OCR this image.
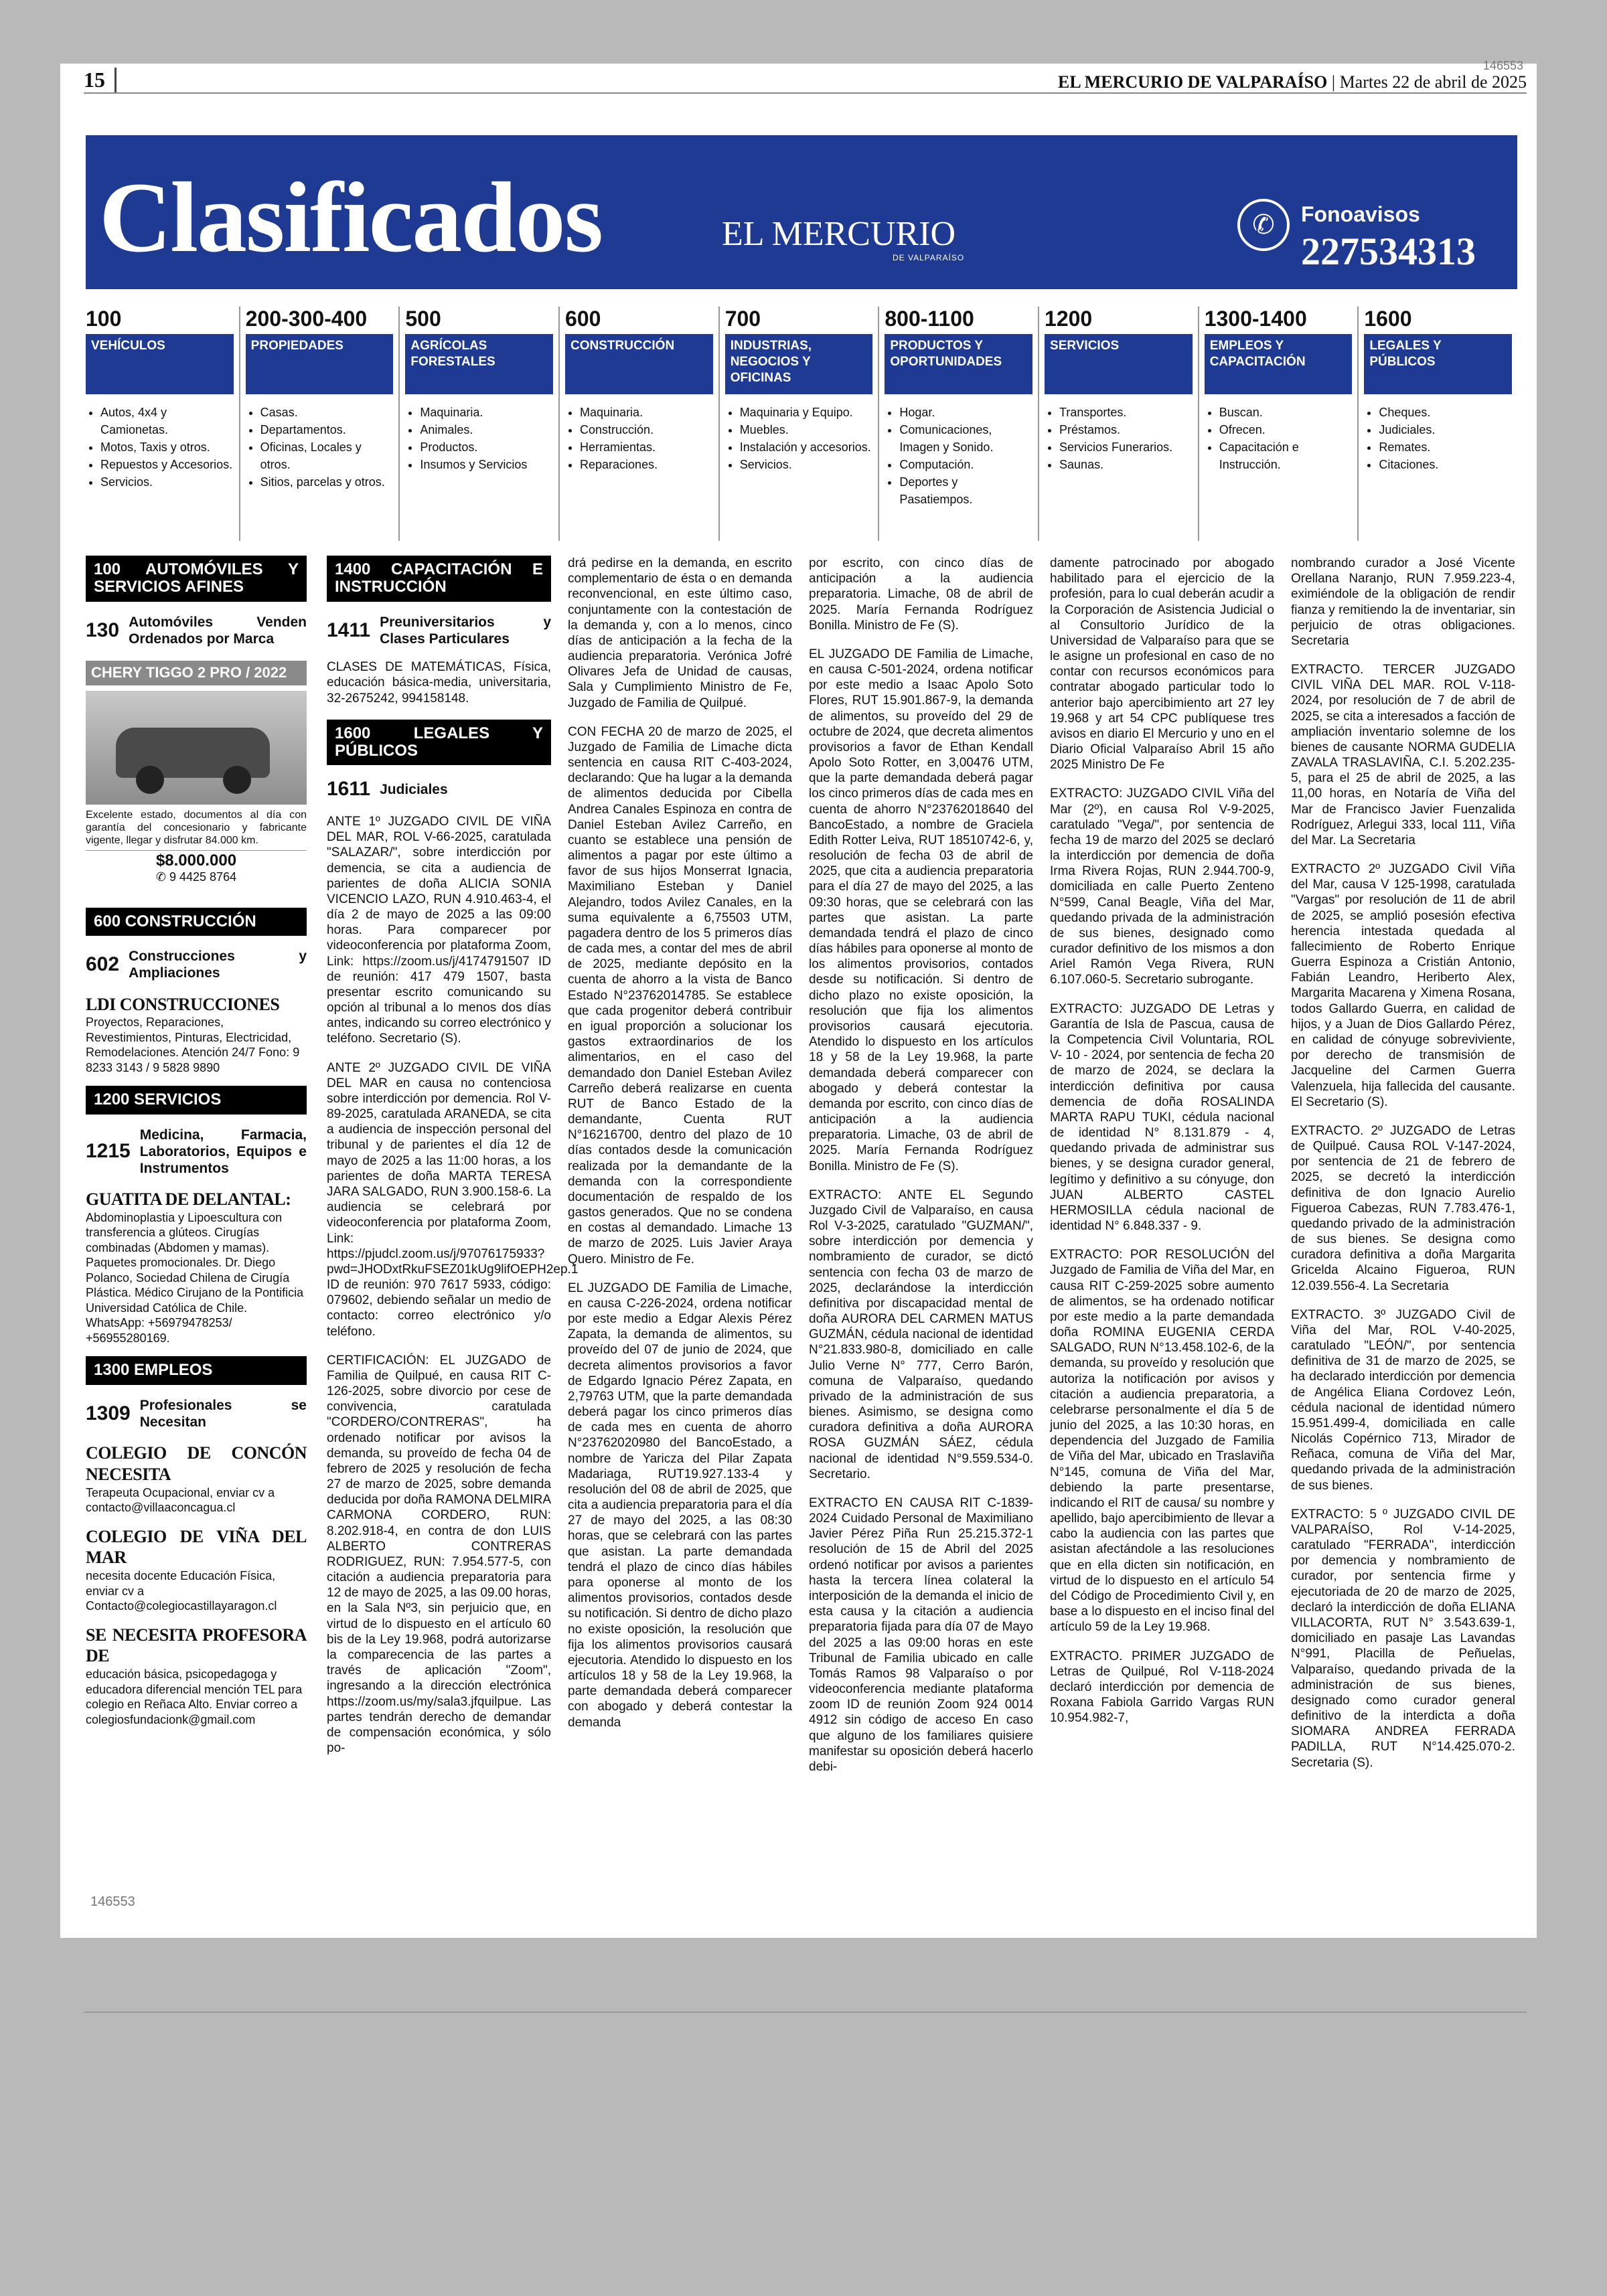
146553
15	EL MERCURIO DE VALPARAÍSO | Martes 22 de abril de 2025
Clasificados	EL MERCURIO
DE VALPARAÍSO
✆	Fonoavisos
227534313
100
VEHÍCULOS
• Autos, 4x4 y Camionetas.
• Motos, Taxis y otros.
• Repuestos y Accesorios.
• Servicios.
200-300-400
PROPIEDADES
• Casas.
• Departamentos.
• Oficinas, Locales y otros.
• Sitios, parcelas y otros.
500
AGRÍCOLAS FORESTALES
• Maquinaria.
• Animales.
• Productos.
• Insumos y Servicios
600
CONSTRUCCIÓN
• Maquinaria.
• Construcción.
• Herramientas.
• Reparaciones.
700
INDUSTRIAS, NEGOCIOS Y OFICINAS
• Maquinaria y Equipo.
• Muebles.
• Instalación y accesorios.
• Servicios.
800-1100
PRODUCTOS Y OPORTUNIDADES
• Hogar.
• Comunicaciones, Imagen y Sonido.
• Computación.
• Deportes y Pasatiempos.
1200
SERVICIOS
• Transportes.
• Préstamos.
• Servicios Funerarios.
• Saunas.
1300-1400
EMPLEOS Y CAPACITACIÓN
• Buscan.
• Ofrecen.
• Capacitación e Instrucción.
1600
LEGALES Y PÚBLICOS
• Cheques.
• Judiciales.
• Remates.
• Citaciones.
100 AUTOMÓVILES Y SERVICIOS AFINES
130 Automóviles Venden Ordenados por Marca
CHERY TIGGO 2 PRO / 2022
Excelente estado, documentos al día con garantía del concesionario y fabricante vigente, llegar y disfrutar 84.000 km.
$8.000.000
✆ 9 4425 8764
600 CONSTRUCCIÓN
602 Construcciones y Ampliaciones
LDI CONSTRUCCIONES
Proyectos, Reparaciones, Revestimientos, Pinturas, Electricidad, Remodelaciones. Atención 24/7 Fono: 9 8233 3143 / 9 5828 9890
1200 SERVICIOS
1215
Medicina, Farmacia, Laboratorios, Equipos e Instrumentos
GUATITA DE DELANTAL:
Abdominoplastia y Lipoescultura con transferencia a glúteos. Cirugías combinadas (Abdomen y mamas). Paquetes promocionales. Dr. Diego Polanco, Sociedad Chilena de Cirugía Plástica. Médico Cirujano de la Pontificia Universidad Católica de Chile. WhatsApp: +56979478253/ +56955280169.
1300 EMPLEOS
1309 Profesionales se Necesitan
COLEGIO DE CONCÓN NECESITA
Terapeuta Ocupacional, enviar cv a contacto@villaaconcagua.cl
COLEGIO DE VIÑA DEL MAR
necesita docente Educación Física, enviar cv a Contacto@colegiocastillayaragon.cl
SE NECESITA PROFESORA DE
educación básica, psicopedagoga y educadora diferencial mención TEL para colegio en Reñaca Alto. Enviar correo a colegiosfundacionk@gmail.com
1400 CAPACITACIÓN E INSTRUCCIÓN
1411 Preuniversitarios y Clases Particulares
CLASES DE MATEMÁTICAS, Física, educación básica-media, universitaria, 32-2675242, 994158148.
1600 LEGALES Y PÚBLICOS
1611 Judiciales
ANTE 1º JUZGADO CIVIL DE VIÑA DEL MAR, ROL V-66-2025, caratulada "SALAZAR/", sobre interdicción por demencia, se cita a audiencia de parientes de doña ALICIA SONIA VICENCIO LAZO, RUN 4.910.463-4, el día 2 de mayo de 2025 a las 09:00 horas. Para comparecer por videoconferencia por plataforma Zoom, Link: https://zoom.us/j/4174791507 ID de reunión: 417 479 1507, basta presentar escrito comunicando su opción al tribunal a lo menos dos días antes, indicando su correo electrónico y teléfono. Secretario (S).
ANTE 2º JUZGADO CIVIL DE VIÑA DEL MAR en causa no contenciosa sobre interdicción por demencia. Rol V-89-2025, caratulada ARANEDA, se cita a audiencia de inspección personal del tribunal y de parientes el día 12 de mayo de 2025 a las 11:00 horas, a los parientes de doña MARTA TERESA JARA SALGADO, RUN 3.900.158-6. La audiencia se celebrará por videoconferencia por plataforma Zoom, Link: https://pjudcl.zoom.us/j/97076175933?pwd=JHODxtRkuFSEZ01kUg9lifOEPH2ep.1 ID de reunión: 970 7617 5933, código: 079602, debiendo señalar un medio de contacto: correo electrónico y/o teléfono.
CERTIFICACIÓN: EL JUZGADO de Familia de Quilpué, en causa RIT C-126-2025, sobre divorcio por cese de convivencia, caratulada "CORDERO/CONTRERAS", ha ordenado notificar por avisos la demanda, su proveído de fecha 04 de febrero de 2025 y resolución de fecha 27 de marzo de 2025, sobre demanda deducida por doña RAMONA DELMIRA CARMONA CORDERO, RUN: 8.202.918-4, en contra de don LUIS ALBERTO CONTRERAS RODRIGUEZ, RUN: 7.954.577-5, con citación a audiencia preparatoria para 12 de mayo de 2025, a las 09.00 horas, en la Sala Nº3, sin perjuicio que, en virtud de lo dispuesto en el artículo 60 bis de la Ley 19.968, podrá autorizarse la comparecencia de las partes a través de aplicación "Zoom", ingresando a la dirección electrónica https://zoom.us/my/sala3.jfquilpue. Las partes tendrán derecho de demandar de compensación económica, y sólo po-
drá pedirse en la demanda, en escrito complementario de ésta o en demanda reconvencional, en este último caso, conjuntamente con la contestación de la demanda y, con a lo menos, cinco días de anticipación a la fecha de la audiencia preparatoria. Verónica Jofré Olivares Jefa de Unidad de causas, Sala y Cumplimiento Ministro de Fe, Juzgado de Familia de Quilpué.
CON FECHA 20 de marzo de 2025, el Juzgado de Familia de Limache dicta sentencia en causa RIT C-403-2024, declarando: Que ha lugar a la demanda de alimentos deducida por Cibella Andrea Canales Espinoza en contra de Daniel Esteban Avilez Carreño, en cuanto se establece una pensión de alimentos a pagar por este último a favor de sus hijos Monserrat Ignacia, Maximiliano Esteban y Daniel Alejandro, todos Avilez Canales, en la suma equivalente a 6,75503 UTM, pagadera dentro de los 5 primeros días de cada mes, a contar del mes de abril de 2025, mediante depósito en la cuenta de ahorro a la vista de Banco Estado N°23762014785. Se establece que cada progenitor deberá contribuir en igual proporción a solucionar los gastos extraordinarios de los alimentarios, en el caso del demandado don Daniel Esteban Avilez Carreño deberá realizarse en cuenta RUT de Banco Estado de la demandante, Cuenta RUT N°16216700, dentro del plazo de 10 días contados desde la comunicación realizada por la demandante de la demanda con la correspondiente documentación de respaldo de los gastos generados. Que no se condena en costas al demandado. Limache 13 de marzo de 2025. Luis Javier Araya Quero. Ministro de Fe.
EL JUZGADO DE Familia de Limache, en causa C-226-2024, ordena notificar por este medio a Edgar Alexis Pérez Zapata, la demanda de alimentos, su proveído del 07 de junio de 2024, que decreta alimentos provisorios a favor de Edgardo Ignacio Pérez Zapata, en 2,79763 UTM, que la parte demandada deberá pagar los cinco primeros días de cada mes en cuenta de ahorro N°23762020980 del BancoEstado, a nombre de Yaricza del Pilar Zapata Madariaga, RUT19.927.133-4 y resolución del 08 de abril de 2025, que cita a audiencia preparatoria para el día 27 de mayo del 2025, a las 08:30 horas, que se celebrará con las partes que asistan. La parte demandada tendrá el plazo de cinco días hábiles para oponerse al monto de los alimentos provisorios, contados desde su notificación. Si dentro de dicho plazo no existe oposición, la resolución que fija los alimentos provisorios causará ejecutoria. Atendido lo dispuesto en los artículos 18 y 58 de la Ley 19.968, la parte demandada deberá comparecer con abogado y deberá contestar la demanda
por escrito, con cinco días de anticipación a la audiencia preparatoria. Limache, 08 de abril de 2025. María Fernanda Rodríguez Bonilla. Ministro de Fe (S).
EL JUZGADO DE Familia de Limache, en causa C-501-2024, ordena notificar por este medio a Isaac Apolo Soto Flores, RUT 15.901.867-9, la demanda de alimentos, su proveído del 29 de octubre de 2024, que decreta alimentos provisorios a favor de Ethan Kendall Apolo Soto Rotter, en 3,00476 UTM, que la parte demandada deberá pagar los cinco primeros días de cada mes en cuenta de ahorro N°23762018640 del BancoEstado, a nombre de Graciela Edith Rotter Leiva, RUT 18510742-6, y, resolución de fecha 03 de abril de 2025, que cita a audiencia preparatoria para el día 27 de mayo del 2025, a las 09:30 horas, que se celebrará con las partes que asistan. La parte demandada tendrá el plazo de cinco días hábiles para oponerse al monto de los alimentos provisorios, contados desde su notificación. Si dentro de dicho plazo no existe oposición, la resolución que fija los alimentos provisorios causará ejecutoria. Atendido lo dispuesto en los artículos 18 y 58 de la Ley 19.968, la parte demandada deberá comparecer con abogado y deberá contestar la demanda por escrito, con cinco días de anticipación a la audiencia preparatoria. Limache, 03 de abril de 2025. María Fernanda Rodríguez Bonilla. Ministro de Fe (S).
EXTRACTO: ANTE EL Segundo Juzgado Civil de Valparaíso, en causa Rol V-3-2025, caratulado "GUZMAN/", sobre interdicción por demencia y nombramiento de curador, se dictó sentencia con fecha 03 de marzo de 2025, declarándose la interdicción definitiva por discapacidad mental de doña AURORA DEL CARMEN MATUS GUZMÁN, cédula nacional de identidad N°21.833.980-8, domiciliado en calle Julio Verne N° 777, Cerro Barón, comuna de Valparaíso, quedando privado de la administración de sus bienes. Asimismo, se designa como curadora definitiva a doña AURORA ROSA GUZMÁN SÁEZ, cédula nacional de identidad N°9.559.534-0. Secretario.
EXTRACTO EN CAUSA RIT C-1839-2024 Cuidado Personal de Maximiliano Javier Pérez Piña Run 25.215.372-1 resolución de 15 de Abril del 2025 ordenó notificar por avisos a parientes hasta la tercera línea colateral la interposición de la demanda el inicio de esta causa y la citación a audiencia preparatoria fijada para día 07 de Mayo del 2025 a las 09:00 horas en este Tribunal de Familia ubicado en calle Tomás Ramos 98 Valparaíso o por videoconferencia mediante plataforma zoom ID de reunión Zoom 924 0014 4912 sin código de acceso En caso que alguno de los familiares quisiere manifestar su oposición deberá hacerlo debi-
damente patrocinado por abogado habilitado para el ejercicio de la profesión, para lo cual deberán acudir a la Corporación de Asistencia Judicial o al Consultorio Jurídico de la Universidad de Valparaíso para que se le asigne un profesional en caso de no contar con recursos económicos para contratar abogado particular todo lo anterior bajo apercibimiento art 27 ley 19.968 y art 54 CPC publíquese tres avisos en diario El Mercurio y uno en el Diario Oficial Valparaíso Abril 15 año 2025 Ministro De Fe
EXTRACTO: JUZGADO CIVIL Viña del Mar (2º), en causa Rol V-9-2025, caratulado "Vega/", por sentencia de fecha 19 de marzo del 2025 se declaró la interdicción por demencia de doña Irma Rivera Rojas, RUN 2.944.700-9, domiciliada en calle Puerto Zenteno N°599, Canal Beagle, Viña del Mar, quedando privada de la administración de sus bienes, designado como curador definitivo de los mismos a don Ariel Ramón Vega Rivera, RUN 6.107.060-5. Secretario subrogante.
EXTRACTO: JUZGADO DE Letras y Garantía de Isla de Pascua, causa de la Competencia Civil Voluntaria, ROL V- 10 - 2024, por sentencia de fecha 20 de marzo de 2024, se declara la interdicción definitiva por causa demencia de doña ROSALINDA MARTA RAPU TUKI, cédula nacional de identidad N° 8.131.879 - 4, quedando privada de administrar sus bienes, y se designa curador general, legítimo y definitivo a su cónyuge, don JUAN ALBERTO CASTEL HERMOSILLA cédula nacional de identidad N° 6.848.337 - 9.
EXTRACTO: POR RESOLUCIÓN del Juzgado de Familia de Viña del Mar, en causa RIT C-259-2025 sobre aumento de alimentos, se ha ordenado notificar por este medio a la parte demandada doña ROMINA EUGENIA CERDA SALGADO, RUN N°13.458.102-6, de la demanda, su proveído y resolución que autoriza la notificación por avisos y citación a audiencia preparatoria, a celebrarse personalmente el día 5 de junio del 2025, a las 10:30 horas, en dependencia del Juzgado de Familia de Viña del Mar, ubicado en Traslaviña N°145, comuna de Viña del Mar, debiendo la parte presentarse, indicando el RIT de causa/ su nombre y apellido, bajo apercibimiento de llevar a cabo la audiencia con las partes que asistan afectándole a las resoluciones que en ella dicten sin notificación, en virtud de lo dispuesto en el artículo 54 del Código de Procedimiento Civil y, en base a lo dispuesto en el inciso final del artículo 59 de la Ley 19.968.
EXTRACTO. PRIMER JUZGADO de Letras de Quilpué, Rol V-118-2024 declaró interdicción por demencia de Roxana Fabiola Garrido Vargas RUN 10.954.982-7,
nombrando curador a José Vicente Orellana Naranjo, RUN 7.959.223-4, eximiéndole de la obligación de rendir fianza y remitiendo la de inventariar, sin perjuicio de otras obligaciones. Secretaria
EXTRACTO. TERCER JUZGADO CIVIL VIÑA DEL MAR. ROL V-118-2024, por resolución de 7 de abril de 2025, se cita a interesados a facción de ampliación inventario solemne de los bienes de causante NORMA GUDELIA ZAVALA TRASLAVIÑA, C.I. 5.202.235-5, para el 25 de abril de 2025, a las 11,00 horas, en Notaría de Viña del Mar de Francisco Javier Fuenzalida Rodríguez, Arlegui 333, local 111, Viña del Mar. La Secretaria
EXTRACTO 2º JUZGADO Civil Viña del Mar, causa V 125-1998, caratulada "Vargas" por resolución de 11 de abril de 2025, se amplió posesión efectiva herencia intestada quedada al fallecimiento de Roberto Enrique Guerra Espinoza a Cristián Antonio, Fabián Leandro, Heriberto Alex, Margarita Macarena y Ximena Rosana, todos Gallardo Guerra, en calidad de hijos, y a Juan de Dios Gallardo Pérez, en calidad de cónyuge sobreviviente, por derecho de transmisión de Jacqueline del Carmen Guerra Valenzuela, hija fallecida del causante. El Secretario (S).
EXTRACTO. 2º JUZGADO de Letras de Quilpué. Causa ROL V-147-2024, por sentencia de 21 de febrero de 2025, se decretó la interdicción definitiva de don Ignacio Aurelio Figueroa Cabezas, RUN 7.783.476-1, quedando privado de la administración de sus bienes. Se designa como curadora definitiva a doña Margarita Gricelda Alcaino Figueroa, RUN 12.039.556-4. La Secretaria
EXTRACTO. 3º JUZGADO Civil de Viña del Mar, ROL V-40-2025, caratulado "LEÓN/", por sentencia definitiva de 31 de marzo de 2025, se ha declarado interdicción por demencia de Angélica Eliana Cordovez León, cédula nacional de identidad número 15.951.499-4, domiciliada en calle Nicolás Copérnico 713, Mirador de Reñaca, comuna de Viña del Mar, quedando privada de la administración de sus bienes.
EXTRACTO: 5 º JUZGADO CIVIL DE VALPARAÍSO, Rol V-14-2025, caratulado "FERRADA", interdicción por demencia y nombramiento de curador, por sentencia firme y ejecutoriada de 20 de marzo de 2025, declaró la interdicción de doña ELIANA VILLACORTA, RUT N° 3.543.639-1, domiciliado en pasaje Las Lavandas N°991, Placilla de Peñuelas, Valparaíso, quedando privada de la administración de sus bienes, designado como curador general definitivo de la interdicta a doña SIOMARA ANDREA FERRADA PADILLA, RUT N°14.425.070-2. Secretaria (S).
146553
